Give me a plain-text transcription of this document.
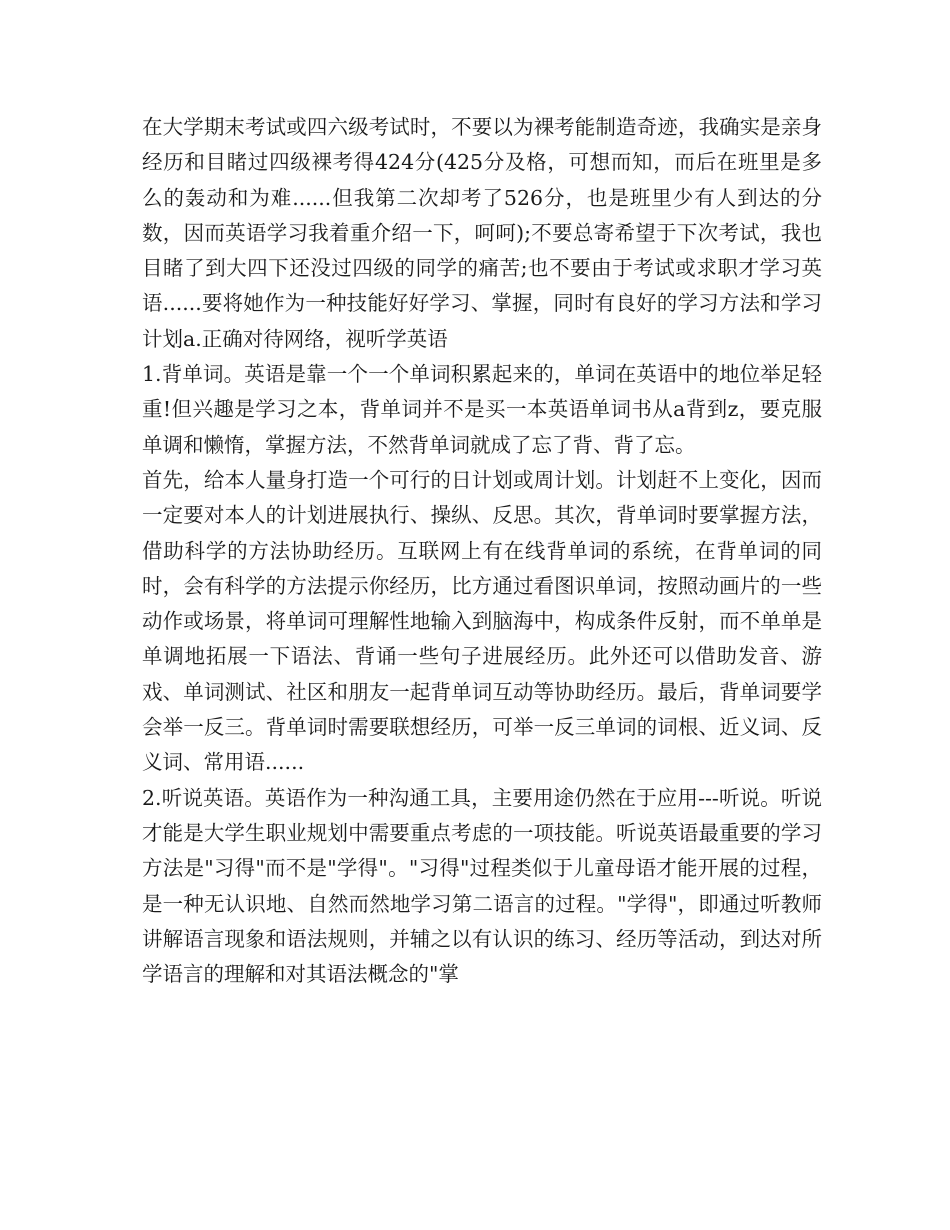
在大学期末考试或四六级考试时，不要以为裸考能制造奇迹，我确实是亲身经历和目睹过四级裸考得424分(425分及格，可想而知，而后在班里是多么的轰动和为难......但我第二次却考了526分，也是班里少有人到达的分数，因而英语学习我着重介绍一下，呵呵);不要总寄希望于下次考试，我也目睹了到大四下还没过四级的同学的痛苦;也不要由于考试或求职才学习英语......要将她作为一种技能好好学习、掌握，同时有良好的学习方法和学习计划a.正确对待网络，视听学英语

1.背单词。英语是靠一个一个单词积累起来的，单词在英语中的地位举足轻重!但兴趣是学习之本，背单词并不是买一本英语单词书从a背到z，要克服单调和懒惰，掌握方法，不然背单词就成了忘了背、背了忘。

首先，给本人量身打造一个可行的日计划或周计划。计划赶不上变化，因而一定要对本人的计划进展执行、操纵、反思。其次，背单词时要掌握方法，借助科学的方法协助经历。互联网上有在线背单词的系统，在背单词的同时，会有科学的方法提示你经历，比方通过看图识单词，按照动画片的一些动作或场景，将单词可理解性地输入到脑海中，构成条件反射，而不单单是单调地拓展一下语法、背诵一些句子进展经历。此外还可以借助发音、游戏、单词测试、社区和朋友一起背单词互动等协助经历。最后，背单词要学会举一反三。背单词时需要联想经历，可举一反三单词的词根、近义词、反义词、常用语......

2.听说英语。英语作为一种沟通工具，主要用途仍然在于应用---听说。听说才能是大学生职业规划中需要重点考虑的一项技能。听说英语最重要的学习方法是"习得"而不是"学得"。"习得"过程类似于儿童母语才能开展的过程，是一种无认识地、自然而然地学习第二语言的过程。"学得"，即通过听教师讲解语言现象和语法规则，并辅之以有认识的练习、经历等活动，到达对所学语言的理解和对其语法概念的"掌
